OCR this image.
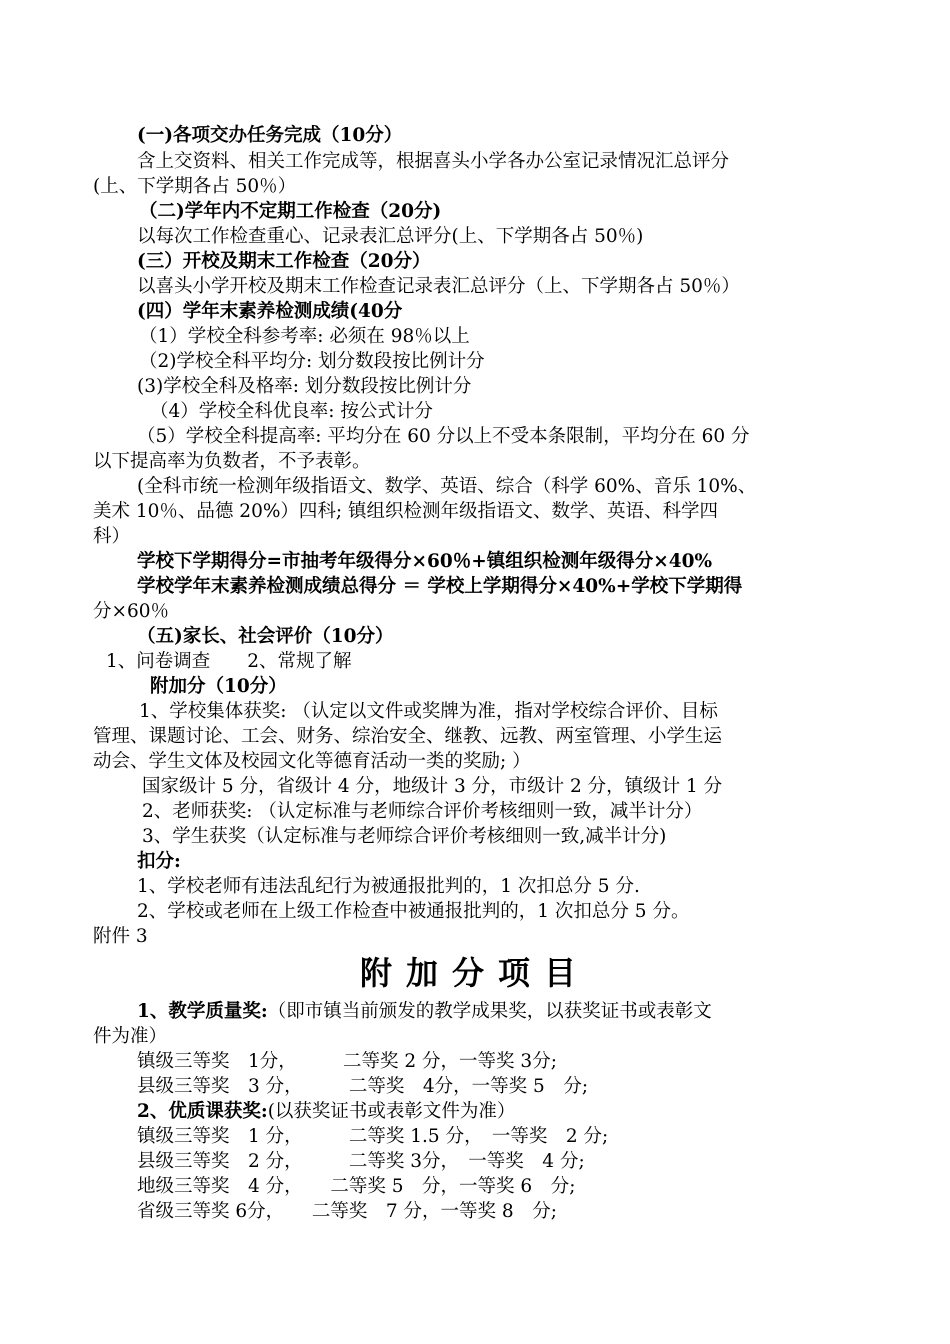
(一)各项交办任务完成（10分）
含上交资料、相关工作完成等，根据喜头小学各办公室记录情况汇总评分
(上、下学期各占 50％）
（二)学年内不定期工作检查（20分)
以每次工作检查重心、记录表汇总评分(上、下学期各占 50％)
(三）开校及期末工作检查（20分）
以喜头小学开校及期末工作检查记录表汇总评分（上、下学期各占 50％）
(四）学年末素养检测成绩(40分
（1）学校全科参考率: 必须在 98％以上
（2)学校全科平均分: 划分数段按比例计分
(3)学校全科及格率: 划分数段按比例计分
（4）学校全科优良率: 按公式计分
（5）学校全科提高率: 平均分在 60 分以上不受本条限制，平均分在 60 分
以下提高率为负数者，不予表彰。
(全科市统一检测年级指语文、数学、英语、综合（科学 60%、音乐 10%、
美术 10％、品德 20%）四科; 镇组织检测年级指语文、数学、英语、科学四
科）
学校下学期得分=市抽考年级得分×60％+镇组织检测年级得分×40%
学校学年末素养检测成绩总得分 ＝ 学校上学期得分×40%+学校下学期得
分×60％
（五)家长、社会评价（10分）
1、问卷调查　　2、常规了解
附加分（10分）
1、学校集体获奖: （认定以文件或奖牌为准，指对学校综合评价、目标
管理、课题讨论、工会、财务、综治安全、继教、远教、两室管理、小学生运
动会、学生文体及校园文化等德育活动一类的奖励; ）
国家级计 5 分，省级计 4 分，地级计 3 分，市级计 2 分，镇级计 1 分
2、老师获奖: （认定标准与老师综合评价考核细则一致，减半计分）
3、学生获奖（认定标准与老师综合评价考核细则一致,减半计分)
扣分:
1、学校老师有违法乱纪行为被通报批判的，1 次扣总分 5 分.
2、学校或老师在上级工作检查中被通报批判的，1 次扣总分 5 分。
附件 3
附加分项目
1、教学质量奖:（即市镇当前颁发的教学成果奖，以获奖证书或表彰文
件为准）
镇级三等奖　1分，　　　二等奖 2 分，一等奖 3分;
县级三等奖　3 分，　　　二等奖　4分，一等奖 5　分;
2、优质课获奖:(以获奖证书或表彰文件为准）
镇级三等奖　1 分，　　　二等奖 1.5 分，　一等奖　2 分;
县级三等奖　2 分，　　　二等奖 3分，　一等奖　4 分;
地级三等奖　4 分，　　二等奖 5　分，一等奖 6　分;
省级三等奖 6分，　　二等奖　7 分，一等奖 8　分;
